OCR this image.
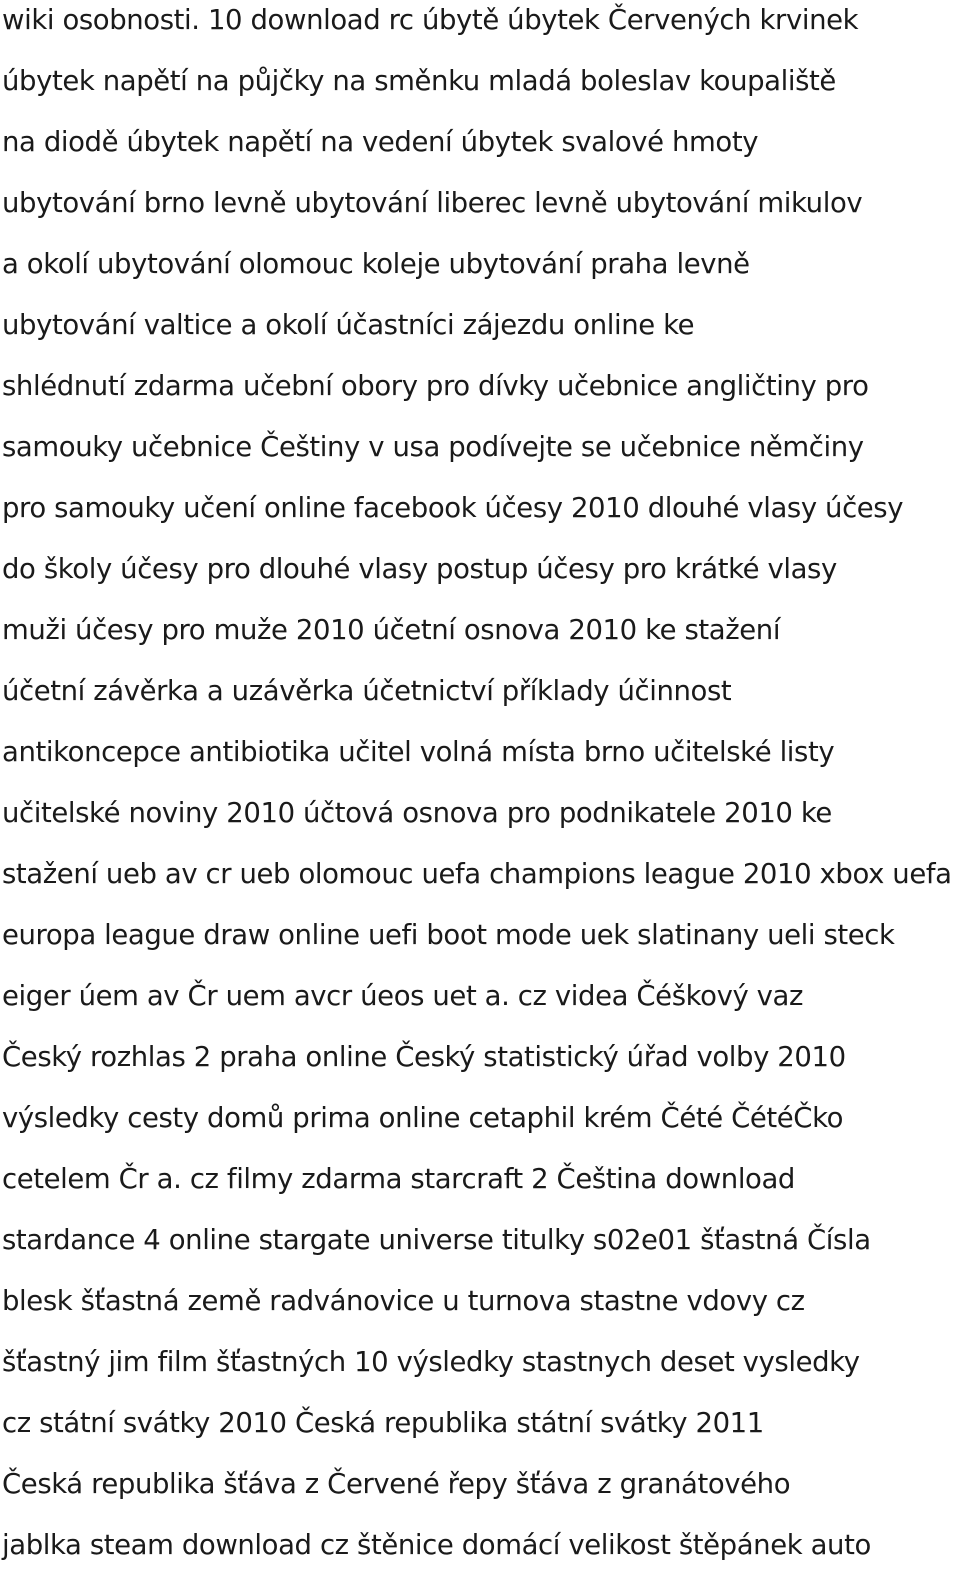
wiki osobnosti. 10 download rc úbytě úbytek Červených krvinek
úbytek napětí na půjčky na směnku mladá boleslav koupaliště
na diodě úbytek napětí na vedení úbytek svalové hmoty
ubytování brno levně ubytování liberec levně ubytování mikulov
a okolí ubytování olomouc koleje ubytování praha levně
ubytování valtice a okolí účastníci zájezdu online ke
shlédnutí zdarma učební obory pro dívky učebnice angličtiny pro
samouky učebnice Češtiny v usa podívejte se učebnice němčiny
pro samouky učení online facebook účesy 2010 dlouhé vlasy účesy
do školy účesy pro dlouhé vlasy postup účesy pro krátké vlasy
muži účesy pro muže 2010 účetní osnova 2010 ke stažení
účetní závěrka a uzávěrka účetnictví příklady účinnost
antikoncepce antibiotika učitel volná místa brno učitelské listy
učitelské noviny 2010 účtová osnova pro podnikatele 2010 ke
stažení ueb av cr ueb olomouc uefa champions league 2010 xbox uefa
europa league draw online uefi boot mode uek slatinany ueli steck
eiger úem av Čr uem avcr úeos uet a. cz videa Čéškový vaz
Český rozhlas 2 praha online Český statistický úřad volby 2010
výsledky cesty domů prima online cetaphil krém Čété ČétéČko
cetelem Čr a. cz filmy zdarma starcraft 2 Čeština download
stardance 4 online stargate universe titulky s02e01 šťastná Čísla
blesk šťastná země radvánovice u turnova stastne vdovy cz
šťastný jim film šťastných 10 výsledky stastnych deset vysledky
cz státní svátky 2010 Česká republika státní svátky 2011
Česká republika šťáva z Červené řepy šťáva z granátového
jablka steam download cz štěnice domácí velikost štěpánek auto
